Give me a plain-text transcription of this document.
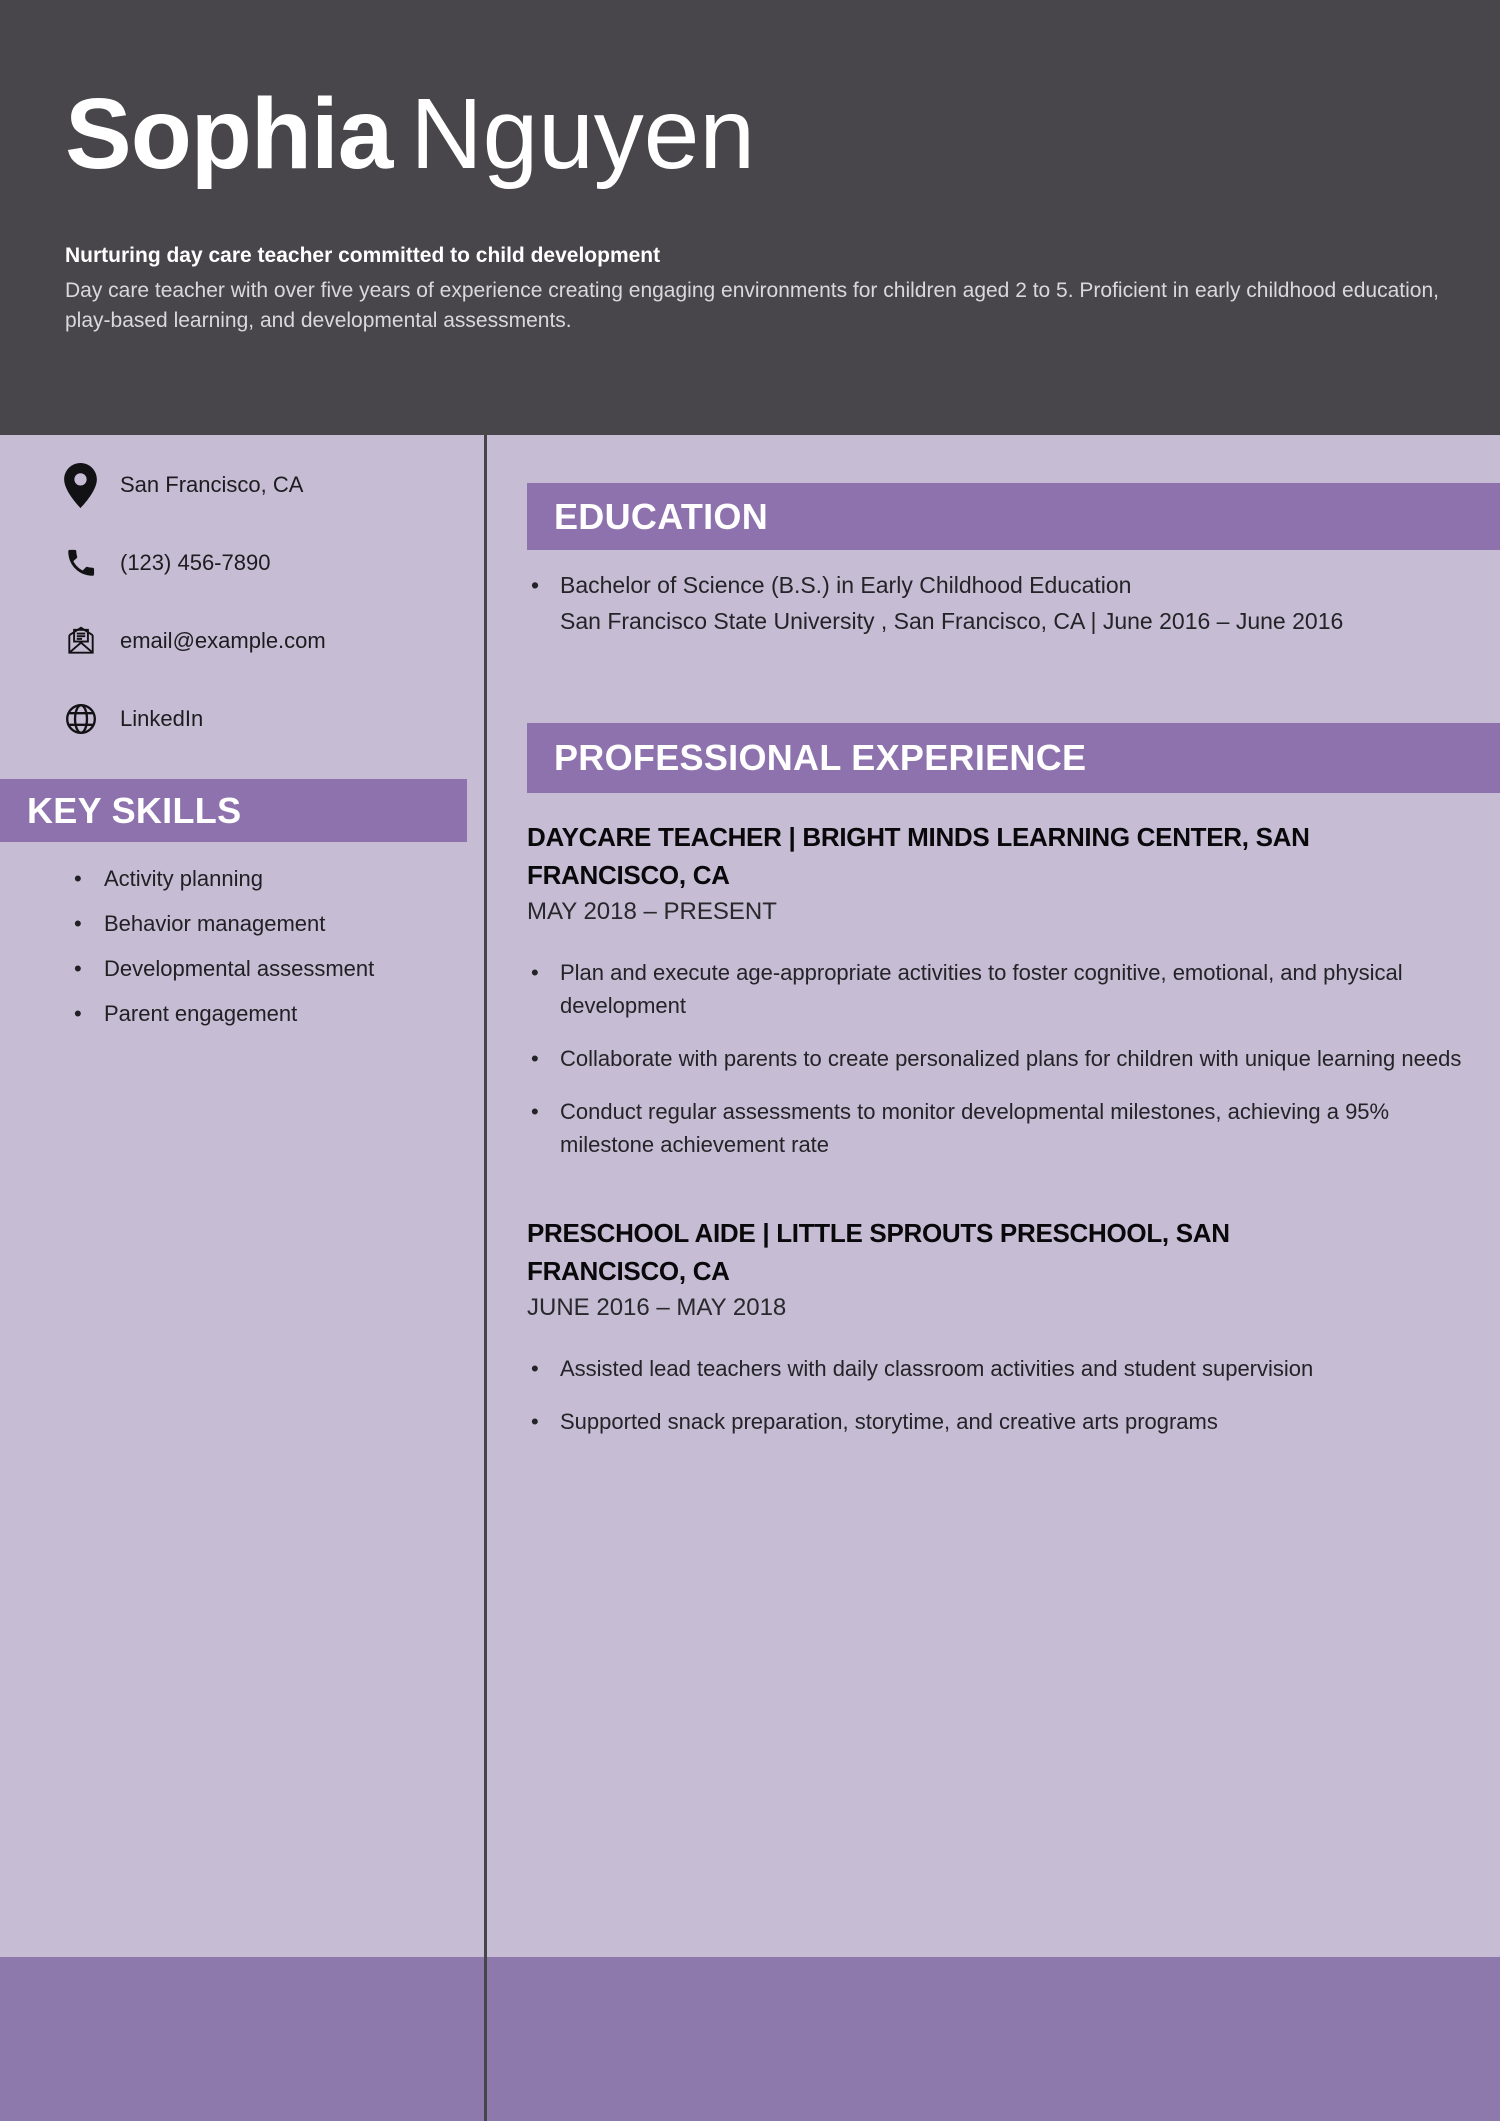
Sophia Nguyen

Nurturing day care teacher committed to child development

Day care teacher with over five years of experience creating engaging environments for children aged 2 to 5. Proficient in early childhood education, play-based learning, and developmental assessments.

San Francisco, CA
(123) 456-7890
email@example.com
LinkedIn
KEY SKILLS
• Activity planning
• Behavior management
• Developmental assessment
• Parent engagement
EDUCATION
• Bachelor of Science (B.S.) in Early Childhood Education
San Francisco State University , San Francisco, CA | June 2016 – June 2016
PROFESSIONAL EXPERIENCE
DAYCARE TEACHER | BRIGHT MINDS LEARNING CENTER, SAN FRANCISCO, CA
MAY 2018 – PRESENT
• Plan and execute age-appropriate activities to foster cognitive, emotional, and physical development
• Collaborate with parents to create personalized plans for children with unique learning needs
• Conduct regular assessments to monitor developmental milestones, achieving a 95% milestone achievement rate
PRESCHOOL AIDE | LITTLE SPROUTS PRESCHOOL, SAN FRANCISCO, CA
JUNE 2016 – MAY 2018
• Assisted lead teachers with daily classroom activities and student supervision
• Supported snack preparation, storytime, and creative arts programs
